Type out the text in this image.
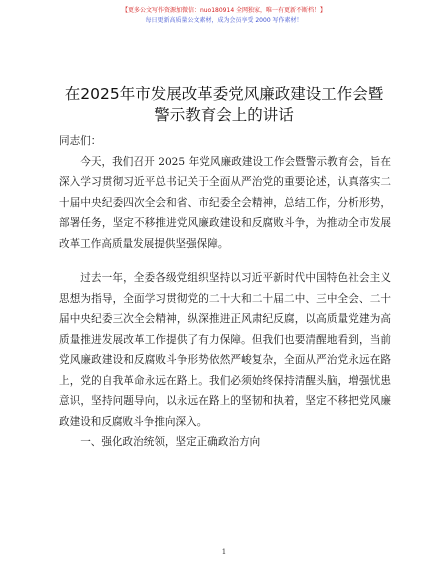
【更多公文写作资源加微信：nuo180914 全网独家，唯一有更新不断档！】
每日更新高质量公文素材，成为会员享受 2000 写作素材！
在2025年市发展改革委党风廉政建设工作会暨
警示教育会上的讲话

同志们：

今天，我们召开 2025 年党风廉政建设工作会暨警示教育会，旨在深入学习贯彻习近平总书记关于全面从严治党的重要论述，认真落实二十届中央纪委四次全会和省、市纪委全会精神，总结工作，分析形势，部署任务，坚定不移推进党风廉政建设和反腐败斗争，为推动全市发展改革工作高质量发展提供坚强保障。

过去一年，全委各级党组织坚持以习近平新时代中国特色社会主义思想为指导，全面学习贯彻党的二十大和二十届二中、三中全会、二十届中央纪委三次全会精神，纵深推进正风肃纪反腐，以高质量党建为高质量推进发展改革工作提供了有力保障。但我们也要清醒地看到，当前党风廉政建设和反腐败斗争形势依然严峻复杂，全面从严治党永远在路上，党的自我革命永远在路上。我们必须始终保持清醒头脑，增强忧患意识，坚持问题导向，以永远在路上的坚韧和执着，坚定不移把党风廉政建设和反腐败斗争推向深入。

一、强化政治统领，坚定正确政治方向

1
